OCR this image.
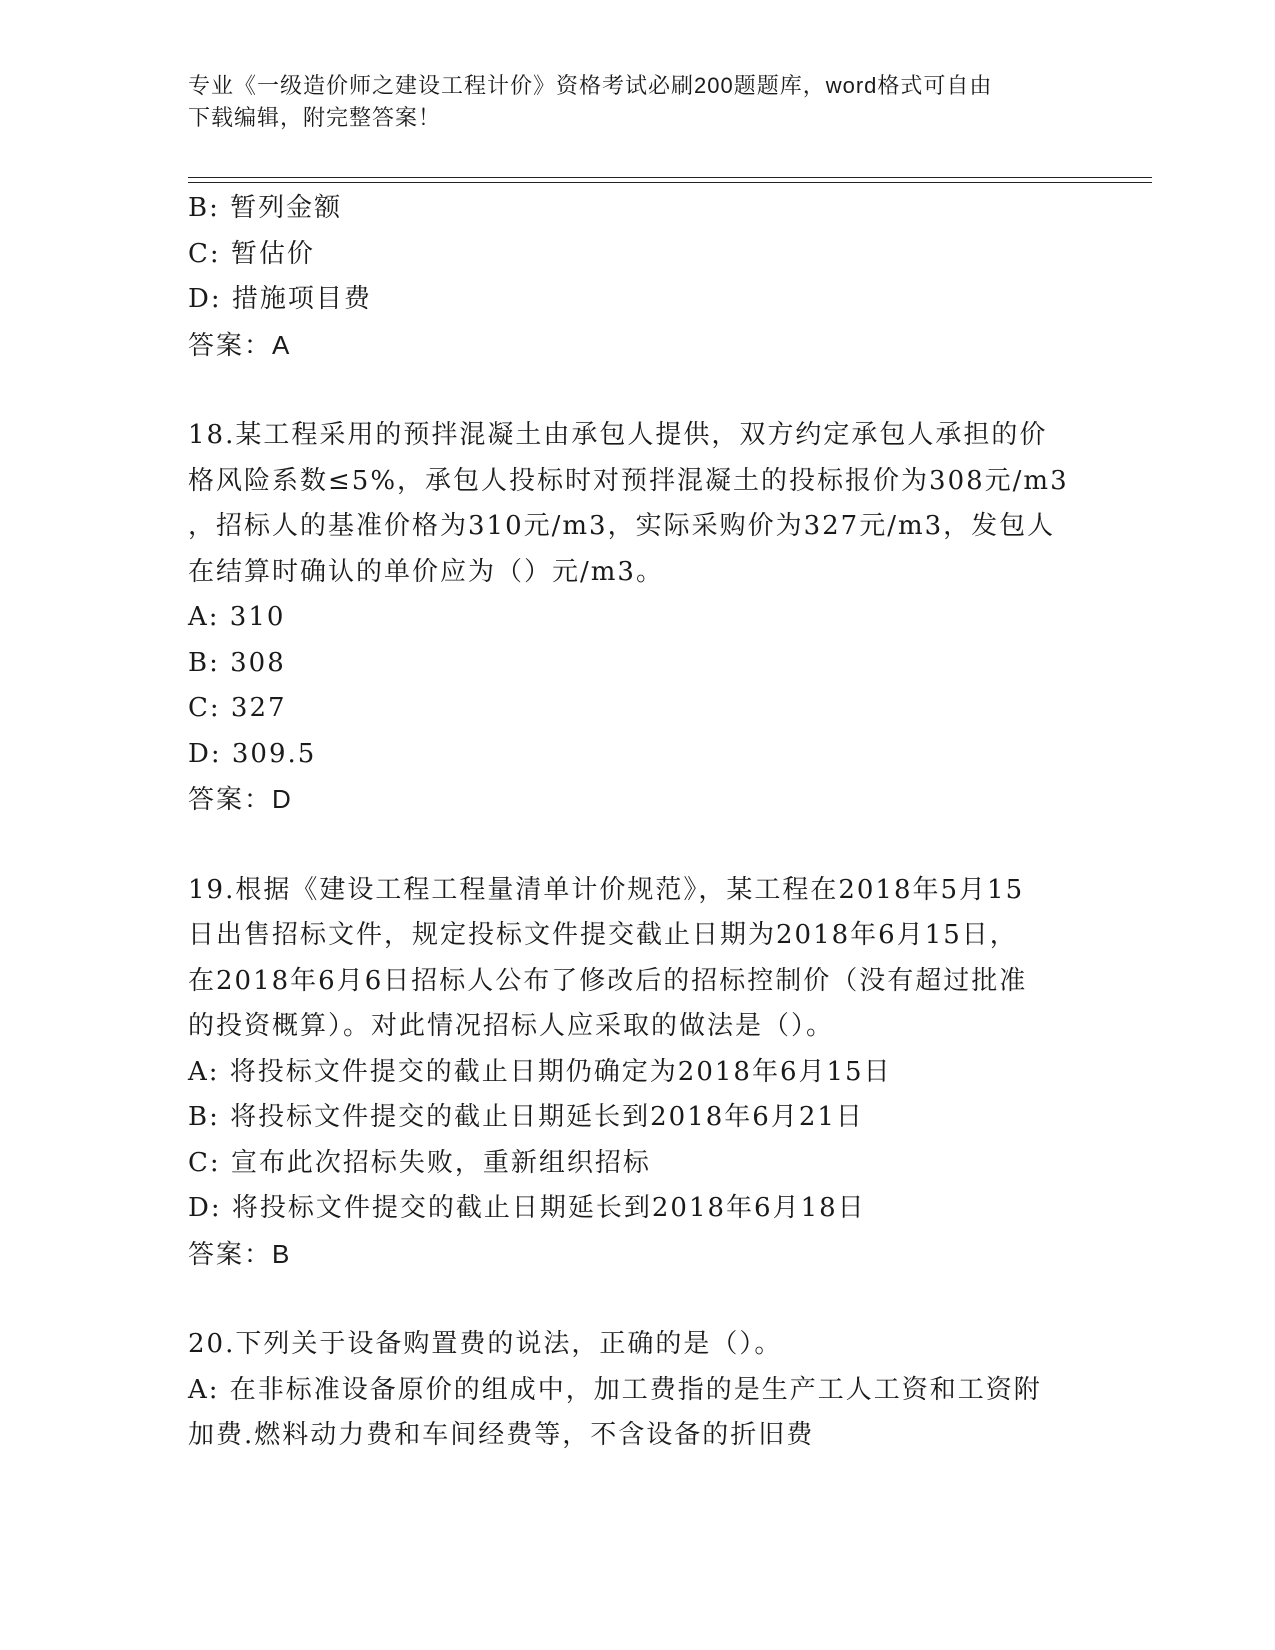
专业《一级造价师之建设工程计价》资格考试必刷200题题库，word格式可自由
下载编辑，附完整答案！
B: 暂列金额
C: 暂估价
D: 措施项目费
答案：A
18.某工程采用的预拌混凝土由承包人提供，双方约定承包人承担的价
格风险系数≤5%，承包人投标时对预拌混凝土的投标报价为308元/m3
，招标人的基准价格为310元/m3，实际采购价为327元/m3，发包人
在结算时确认的单价应为（）元/m3。
A: 310
B: 308
C: 327
D: 309.5
答案：D
19.根据《建设工程工程量清单计价规范》，某工程在2018年5月15
日出售招标文件，规定投标文件提交截止日期为2018年6月15日，
在2018年6月6日招标人公布了修改后的招标控制价（没有超过批准
的投资概算）。对此情况招标人应采取的做法是（）。
A: 将投标文件提交的截止日期仍确定为2018年6月15日
B: 将投标文件提交的截止日期延长到2018年6月21日
C: 宣布此次招标失败，重新组织招标
D: 将投标文件提交的截止日期延长到2018年6月18日
答案：B
20.下列关于设备购置费的说法，正确的是（）。
A: 在非标准设备原价的组成中，加工费指的是生产工人工资和工资附
加费.燃料动力费和车间经费等，不含设备的折旧费
